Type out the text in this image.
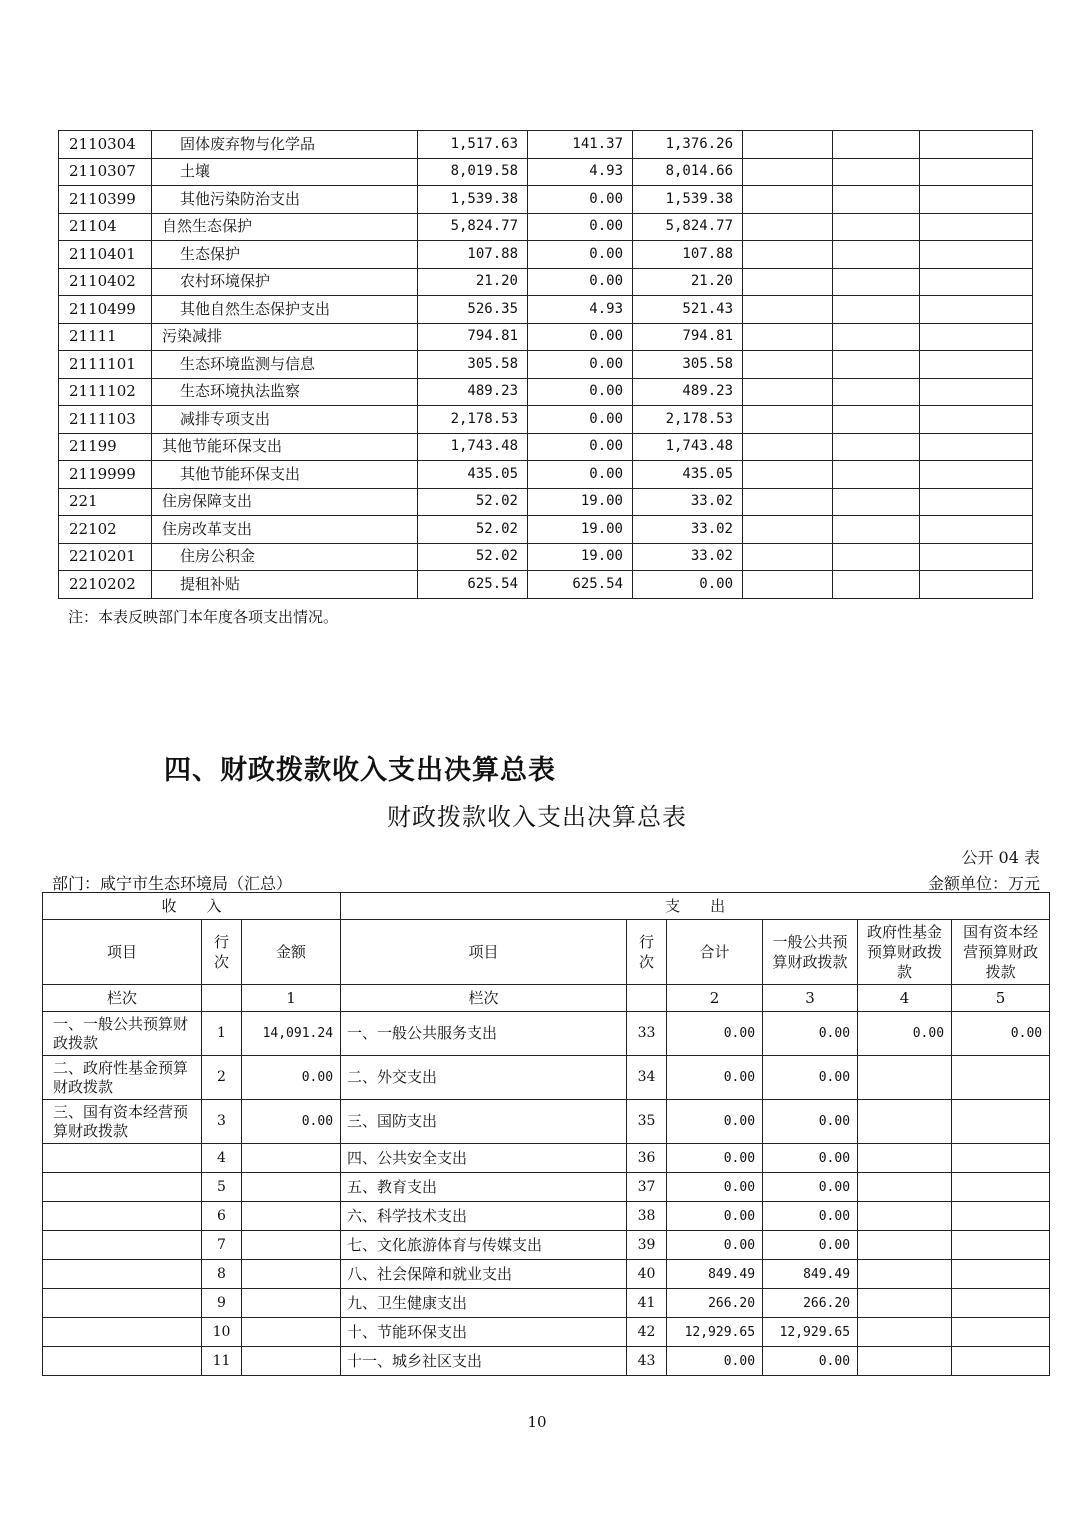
2110304	固体废弃物与化学品	1,517.63	141.37	1,376.26			
2110307	土壤	8,019.58	4.93	8,014.66			
2110399	其他污染防治支出	1,539.38	0.00	1,539.38			
21104	自然生态保护	5,824.77	0.00	5,824.77			
2110401	生态保护	107.88	0.00	107.88			
2110402	农村环境保护	21.20	0.00	21.20			
2110499	其他自然生态保护支出	526.35	4.93	521.43			
21111	污染减排	794.81	0.00	794.81			
2111101	生态环境监测与信息	305.58	0.00	305.58			
2111102	生态环境执法监察	489.23	0.00	489.23			
2111103	减排专项支出	2,178.53	0.00	2,178.53			
21199	其他节能环保支出	1,743.48	0.00	1,743.48			
2119999	其他节能环保支出	435.05	0.00	435.05			
221	住房保障支出	52.02	19.00	33.02			
22102	住房改革支出	52.02	19.00	33.02			
2210201	住房公积金	52.02	19.00	33.02			
2210202	提租补贴	625.54	625.54	0.00			
注：本表反映部门本年度各项支出情况。
四、财政拨款收入支出决算总表
财政拨款收入支出决算总表
公开 04 表
部门：咸宁市生态环境局（汇总）	金额单位：万元
收　　入			支　　出					
项目	行次	金额	项目	行次	合计	一般公共预算财政拨款	政府性基金预算财政拨款	国有资本经营预算财政拨款
栏次		1	栏次		2	3	4	5
一、一般公共预算财政拨款	1	14,091.24	一、一般公共服务支出	33	0.00	0.00	0.00	0.00
二、政府性基金预算财政拨款	2	0.00	二、外交支出	34	0.00	0.00		
三、国有资本经营预算财政拨款	3	0.00	三、国防支出	35	0.00	0.00		
	4		四、公共安全支出	36	0.00	0.00		
	5		五、教育支出	37	0.00	0.00		
	6		六、科学技术支出	38	0.00	0.00		
	7		七、文化旅游体育与传媒支出	39	0.00	0.00		
	8		八、社会保障和就业支出	40	849.49	849.49		
	9		九、卫生健康支出	41	266.20	266.20		
	10		十、节能环保支出	42	12,929.65	12,929.65		
	11		十一、城乡社区支出	43	0.00	0.00		
10
